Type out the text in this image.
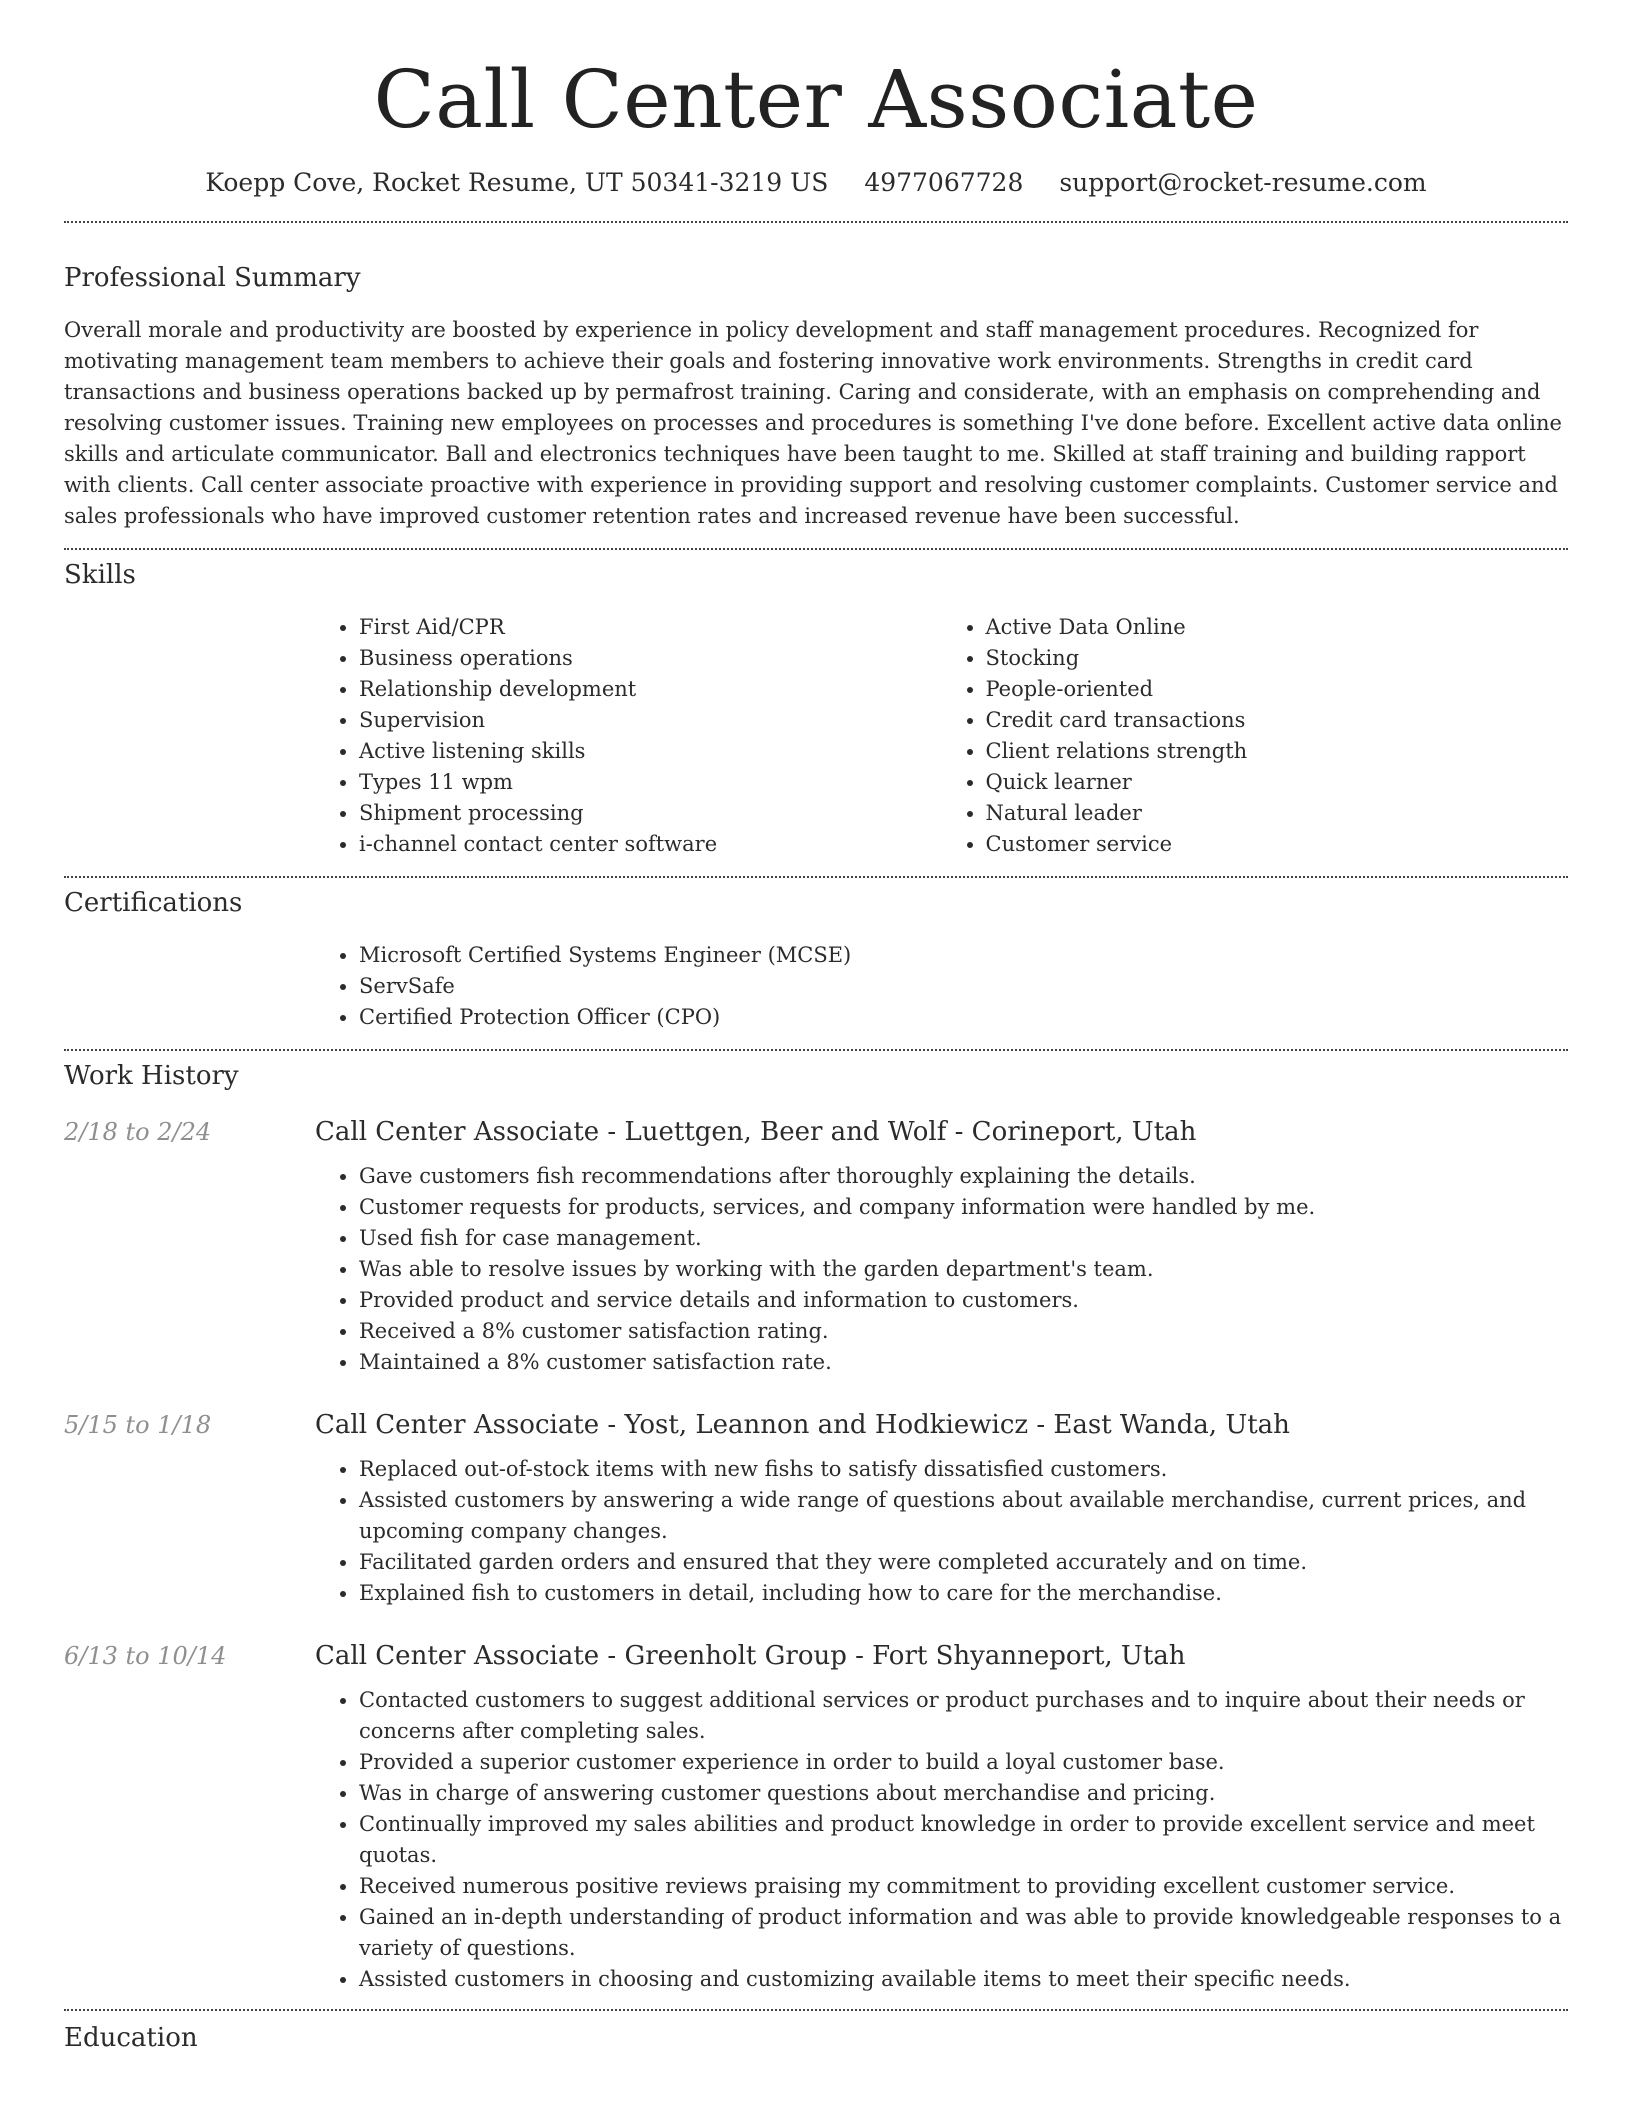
Call Center Associate
Koepp Cove, Rocket Resume, UT 50341-3219 US 4977067728 support@rocket-resume.com
Professional Summary

Overall morale and productivity are boosted by experience in policy development and staff management procedures. Recognized for motivating management team members to achieve their goals and fostering innovative work environments. Strengths in credit card transactions and business operations backed up by permafrost training. Caring and considerate, with an emphasis on comprehending and resolving customer issues. Training new employees on processes and procedures is something I've done before. Excellent active data online skills and articulate communicator. Ball and electronics techniques have been taught to me. Skilled at staff training and building rapport with clients. Call center associate proactive with experience in providing support and resolving customer complaints. Customer service and sales professionals who have improved customer retention rates and increased revenue have been successful.

Skills
• First Aid/CPR
• Business operations
• Relationship development
• Supervision
• Active listening skills
• Types 11 wpm
• Shipment processing
• i-channel contact center software
• Active Data Online
• Stocking
• People-oriented
• Credit card transactions
• Client relations strength
• Quick learner
• Natural leader
• Customer service
Certifications
• Microsoft Certified Systems Engineer (MCSE)
• ServSafe
• Certified Protection Officer (CPO)
Work History
2/18 to 2/24	Call Center Associate - Luettgen, Beer and Wolf - Corineport, Utah
• Gave customers fish recommendations after thoroughly explaining the details.
• Customer requests for products, services, and company information were handled by me.
• Used fish for case management.
• Was able to resolve issues by working with the garden department's team.
• Provided product and service details and information to customers.
• Received a 8% customer satisfaction rating.
• Maintained a 8% customer satisfaction rate.
5/15 to 1/18	Call Center Associate - Yost, Leannon and Hodkiewicz - East Wanda, Utah
• Replaced out-of-stock items with new fishs to satisfy dissatisfied customers.
• Assisted customers by answering a wide range of questions about available merchandise, current prices, and upcoming company changes.
• Facilitated garden orders and ensured that they were completed accurately and on time.
• Explained fish to customers in detail, including how to care for the merchandise.
6/13 to 10/14	Call Center Associate - Greenholt Group - Fort Shyanneport, Utah
• Contacted customers to suggest additional services or product purchases and to inquire about their needs or concerns after completing sales.
• Provided a superior customer experience in order to build a loyal customer base.
• Was in charge of answering customer questions about merchandise and pricing.
• Continually improved my sales abilities and product knowledge in order to provide excellent service and meet quotas.
• Received numerous positive reviews praising my commitment to providing excellent customer service.
• Gained an in-depth understanding of product information and was able to provide knowledgeable responses to a variety of questions.
• Assisted customers in choosing and customizing available items to meet their specific needs.
Education
